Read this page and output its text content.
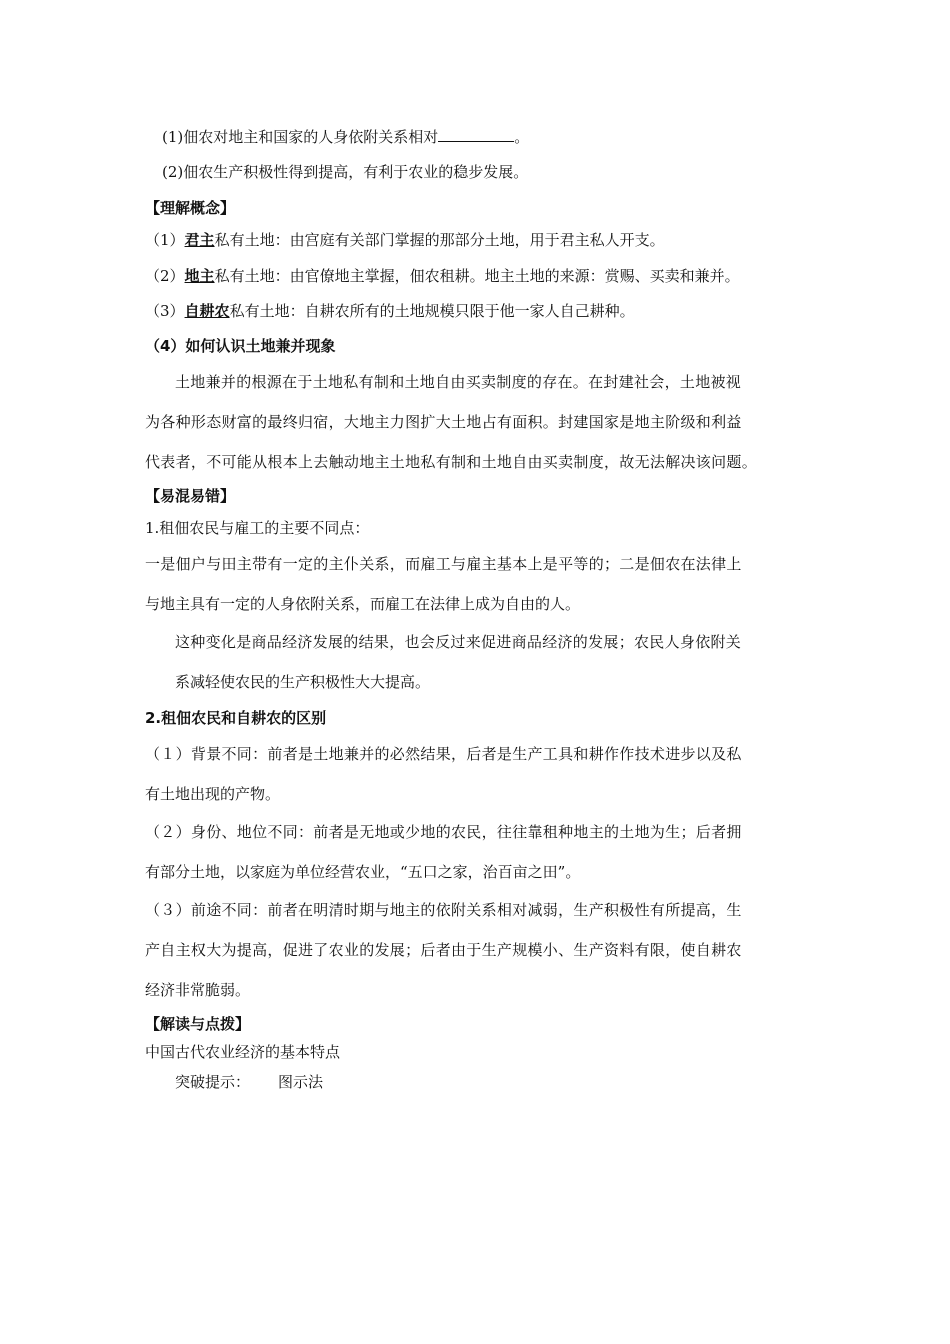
(1)佃农对地主和国家的人身依附关系相对	。
(2)佃农生产积极性得到提高，有利于农业的稳步发展。
【理解概念】
（1）君主私有土地：由宫庭有关部门掌握的那部分土地，用于君主私人开支。
（2）地主私有土地：由官僚地主掌握，佃农租耕。地主土地的来源：赏赐、买卖和兼并。
（3）自耕农私有土地：自耕农所有的土地规模只限于他一家人自己耕种。
（4）如何认识土地兼并现象
土地兼并的根源在于土地私有制和土地自由买卖制度的存在。在封建社会，土地被视
为各种形态财富的最终归宿，大地主力图扩大土地占有面积。封建国家是地主阶级和利益
代表者，不可能从根本上去触动地主土地私有制和土地自由买卖制度，故无法解决该问题。
【易混易错】
1.租佃农民与雇工的主要不同点：
一是佃户与田主带有一定的主仆关系，而雇工与雇主基本上是平等的；二是佃农在法律上
与地主具有一定的人身依附关系，而雇工在法律上成为自由的人。
这种变化是商品经济发展的结果，也会反过来促进商品经济的发展；农民人身依附关
系减轻使农民的生产积极性大大提高。
2.租佃农民和自耕农的区别
（１）背景不同：前者是土地兼并的必然结果，后者是生产工具和耕作作技术进步以及私
有土地出现的产物。
（２）身份、地位不同：前者是无地或少地的农民，往往靠租种地主的土地为生；后者拥
有部分土地，以家庭为单位经营农业，“五口之家，治百亩之田”。
（３）前途不同：前者在明清时期与地主的依附关系相对减弱，生产积极性有所提高，生
产自主权大为提高，促进了农业的发展；后者由于生产规模小、生产资料有限，使自耕农
经济非常脆弱。
【解读与点拨】
中国古代农业经济的基本特点
突破提示： 图示法
